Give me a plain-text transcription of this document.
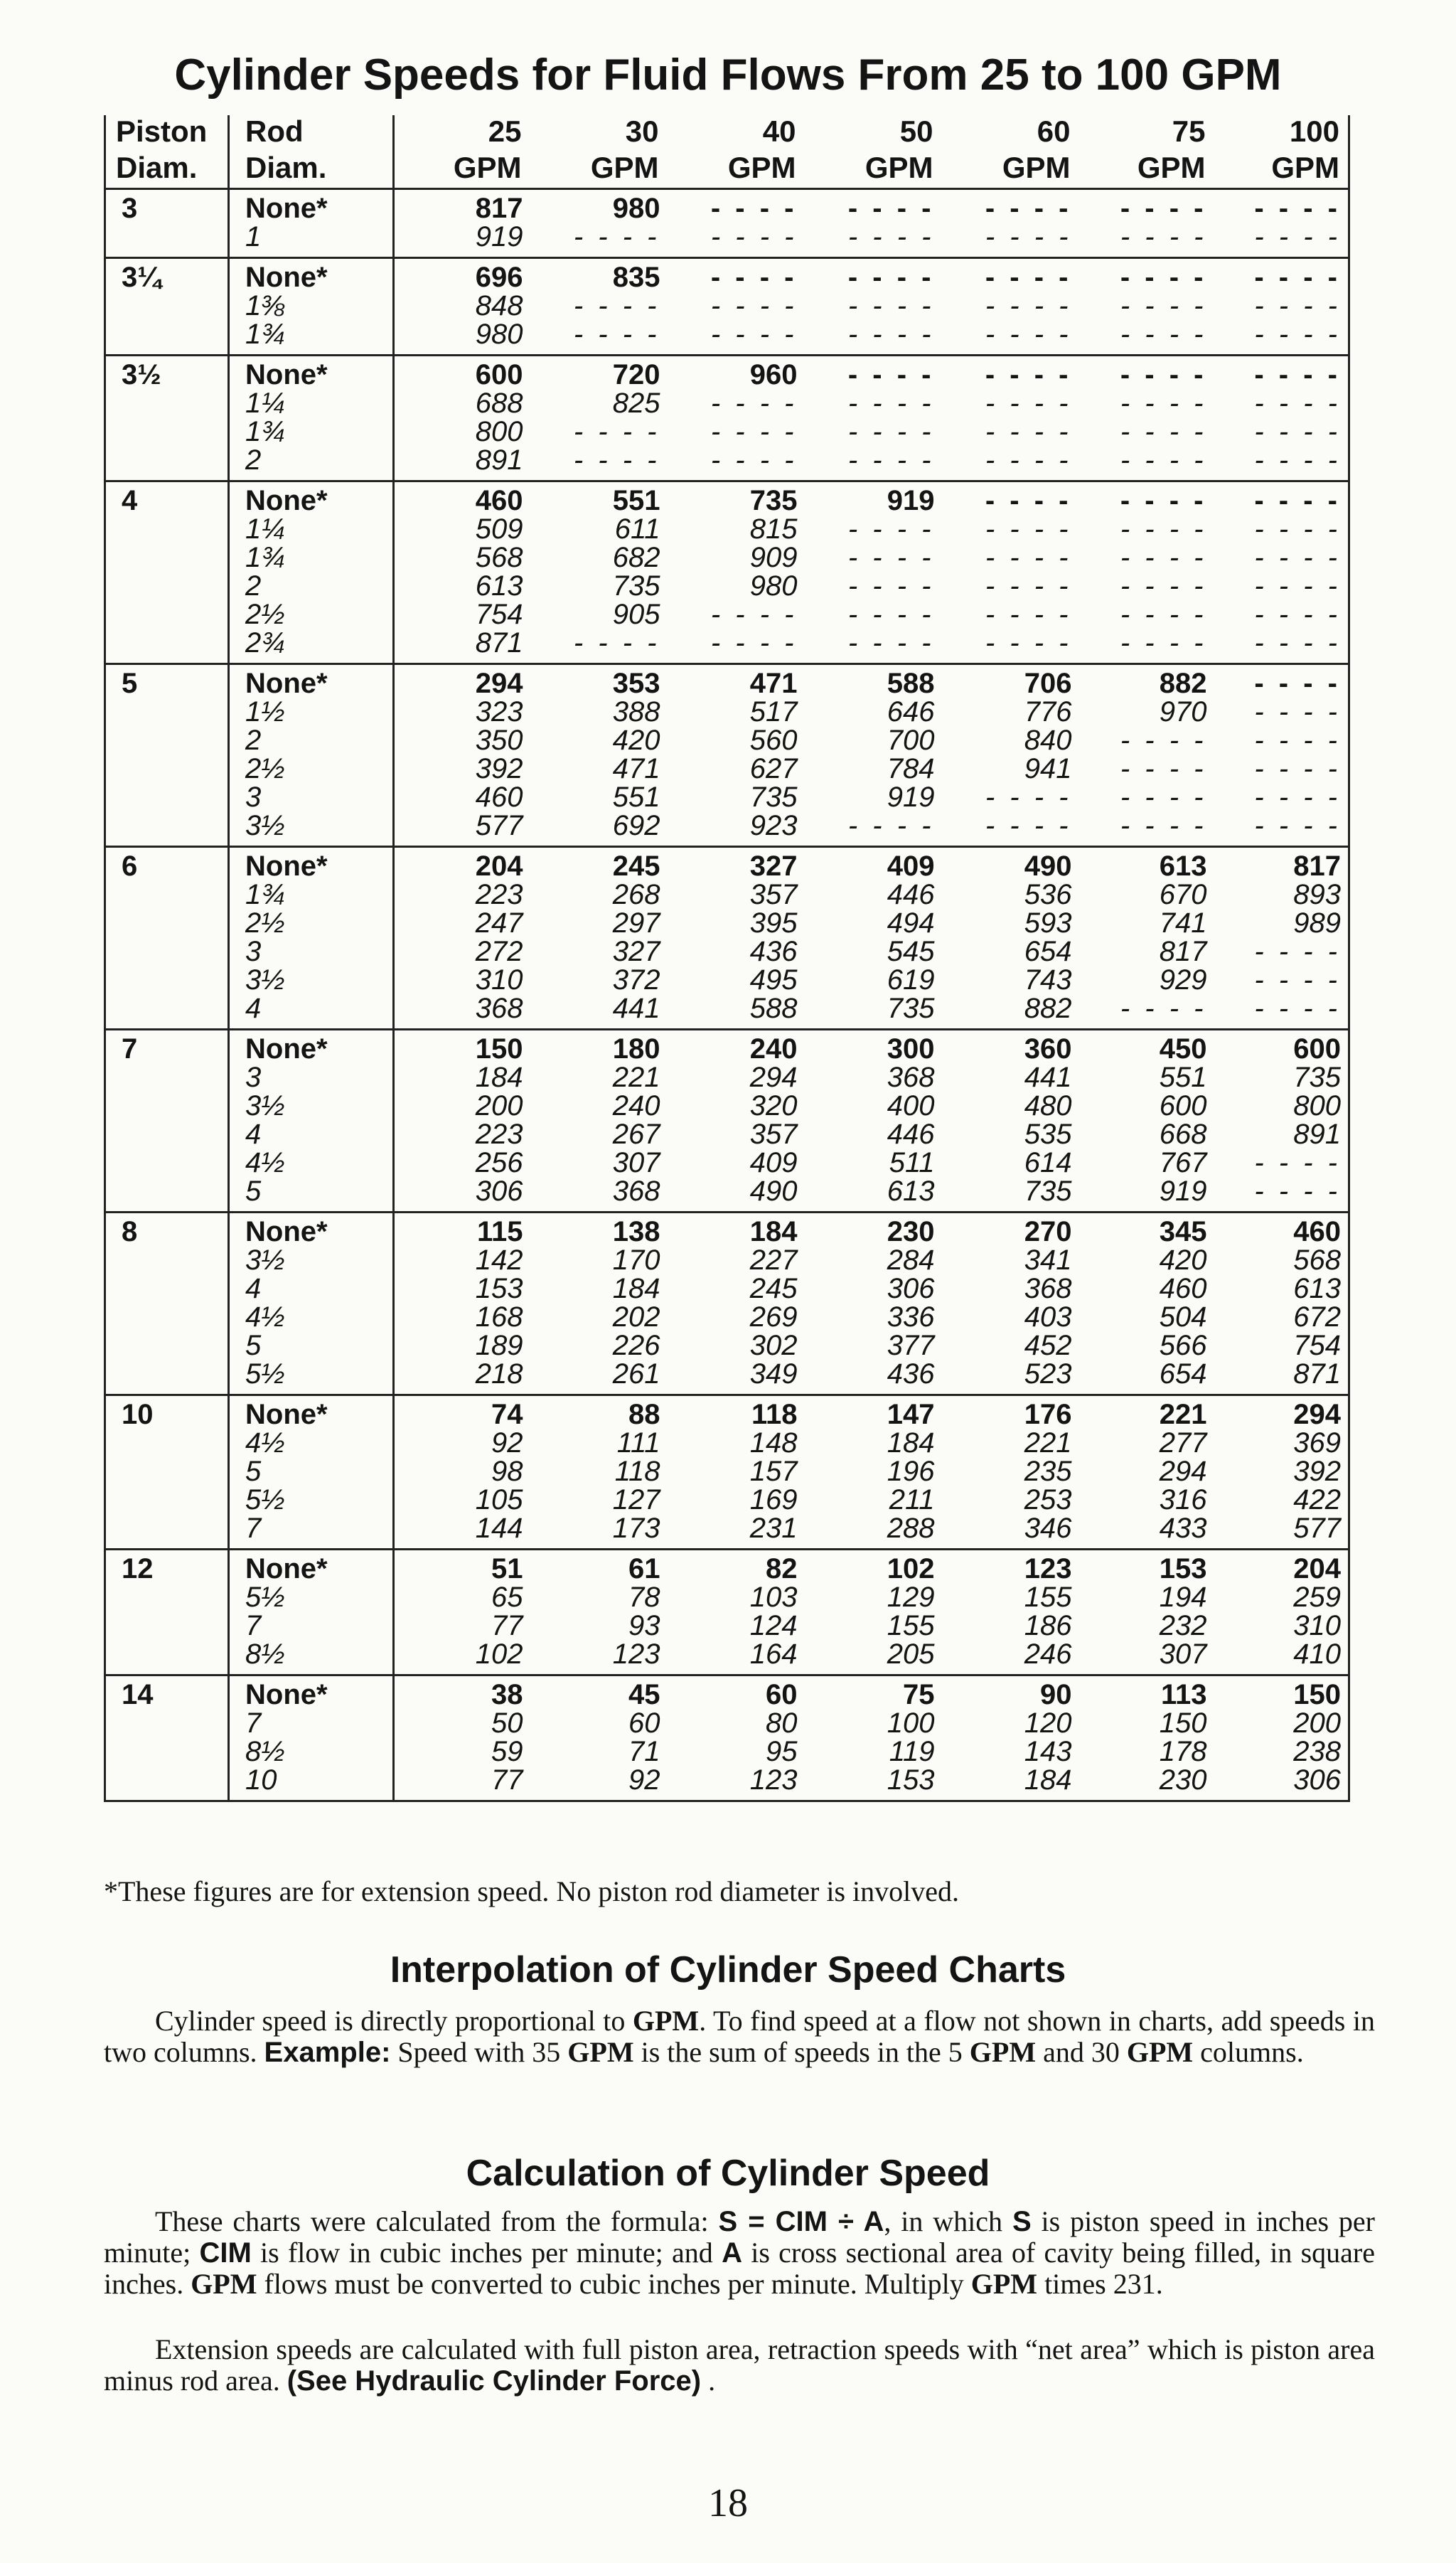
Cylinder Speeds for Fluid Flows From 25 to 100 GPM
Piston	Rod	25	30	40	50	60	75	100
Diam.	Diam.	GPM	GPM	GPM	GPM	GPM	GPM	GPM
3	None*	817	980	- - - -	- - - -	- - - -	- - - -	- - - -
	1	919	- - - -	- - - -	- - - -	- - - -	- - - -	- - - -
3¼	None*	696	835	- - - -	- - - -	- - - -	- - - -	- - - -
	1⅜	848	- - - -	- - - -	- - - -	- - - -	- - - -	- - - -
	1¾	980	- - - -	- - - -	- - - -	- - - -	- - - -	- - - -
3½	None*	600	720	960	- - - -	- - - -	- - - -	- - - -
	1¼	688	825	- - - -	- - - -	- - - -	- - - -	- - - -
	1¾	800	- - - -	- - - -	- - - -	- - - -	- - - -	- - - -
	2	891	- - - -	- - - -	- - - -	- - - -	- - - -	- - - -
4	None*	460	551	735	919	- - - -	- - - -	- - - -
	1¼	509	611	815	- - - -	- - - -	- - - -	- - - -
	1¾	568	682	909	- - - -	- - - -	- - - -	- - - -
	2	613	735	980	- - - -	- - - -	- - - -	- - - -
	2½	754	905	- - - -	- - - -	- - - -	- - - -	- - - -
	2¾	871	- - - -	- - - -	- - - -	- - - -	- - - -	- - - -
5	None*	294	353	471	588	706	882	- - - -
	1½	323	388	517	646	776	970	- - - -
	2	350	420	560	700	840	- - - -	- - - -
	2½	392	471	627	784	941	- - - -	- - - -
	3	460	551	735	919	- - - -	- - - -	- - - -
	3½	577	692	923	- - - -	- - - -	- - - -	- - - -
6	None*	204	245	327	409	490	613	817
	1¾	223	268	357	446	536	670	893
	2½	247	297	395	494	593	741	989
	3	272	327	436	545	654	817	- - - -
	3½	310	372	495	619	743	929	- - - -
	4	368	441	588	735	882	- - - -	- - - -
7	None*	150	180	240	300	360	450	600
	3	184	221	294	368	441	551	735
	3½	200	240	320	400	480	600	800
	4	223	267	357	446	535	668	891
	4½	256	307	409	511	614	767	- - - -
	5	306	368	490	613	735	919	- - - -
8	None*	115	138	184	230	270	345	460
	3½	142	170	227	284	341	420	568
	4	153	184	245	306	368	460	613
	4½	168	202	269	336	403	504	672
	5	189	226	302	377	452	566	754
	5½	218	261	349	436	523	654	871
10	None*	74	88	118	147	176	221	294
	4½	92	111	148	184	221	277	369
	5	98	118	157	196	235	294	392
	5½	105	127	169	211	253	316	422
	7	144	173	231	288	346	433	577
12	None*	51	61	82	102	123	153	204
	5½	65	78	103	129	155	194	259
	7	77	93	124	155	186	232	310
	8½	102	123	164	205	246	307	410
14	None*	38	45	60	75	90	113	150
	7	50	60	80	100	120	150	200
	8½	59	71	95	119	143	178	238
	10	77	92	123	153	184	230	306
*These figures are for extension speed. No piston rod diameter is involved.
Interpolation of Cylinder Speed Charts

Cylinder speed is directly proportional to GPM. To find speed at a flow not shown in charts, add speeds in two columns. Example: Speed with 35 GPM is the sum of speeds in the 5 GPM and 30 GPM columns.

Calculation of Cylinder Speed

These charts were calculated from the formula: S = CIM ÷ A, in which S is piston speed in inches per minute; CIM is flow in cubic inches per minute; and A is cross sectional area of cavity being filled, in square inches. GPM flows must be converted to cubic inches per minute. Multiply GPM times 231.

Extension speeds are calculated with full piston area, retraction speeds with “net area” which is piston area minus rod area. (See Hydraulic Cylinder Force) .

18
